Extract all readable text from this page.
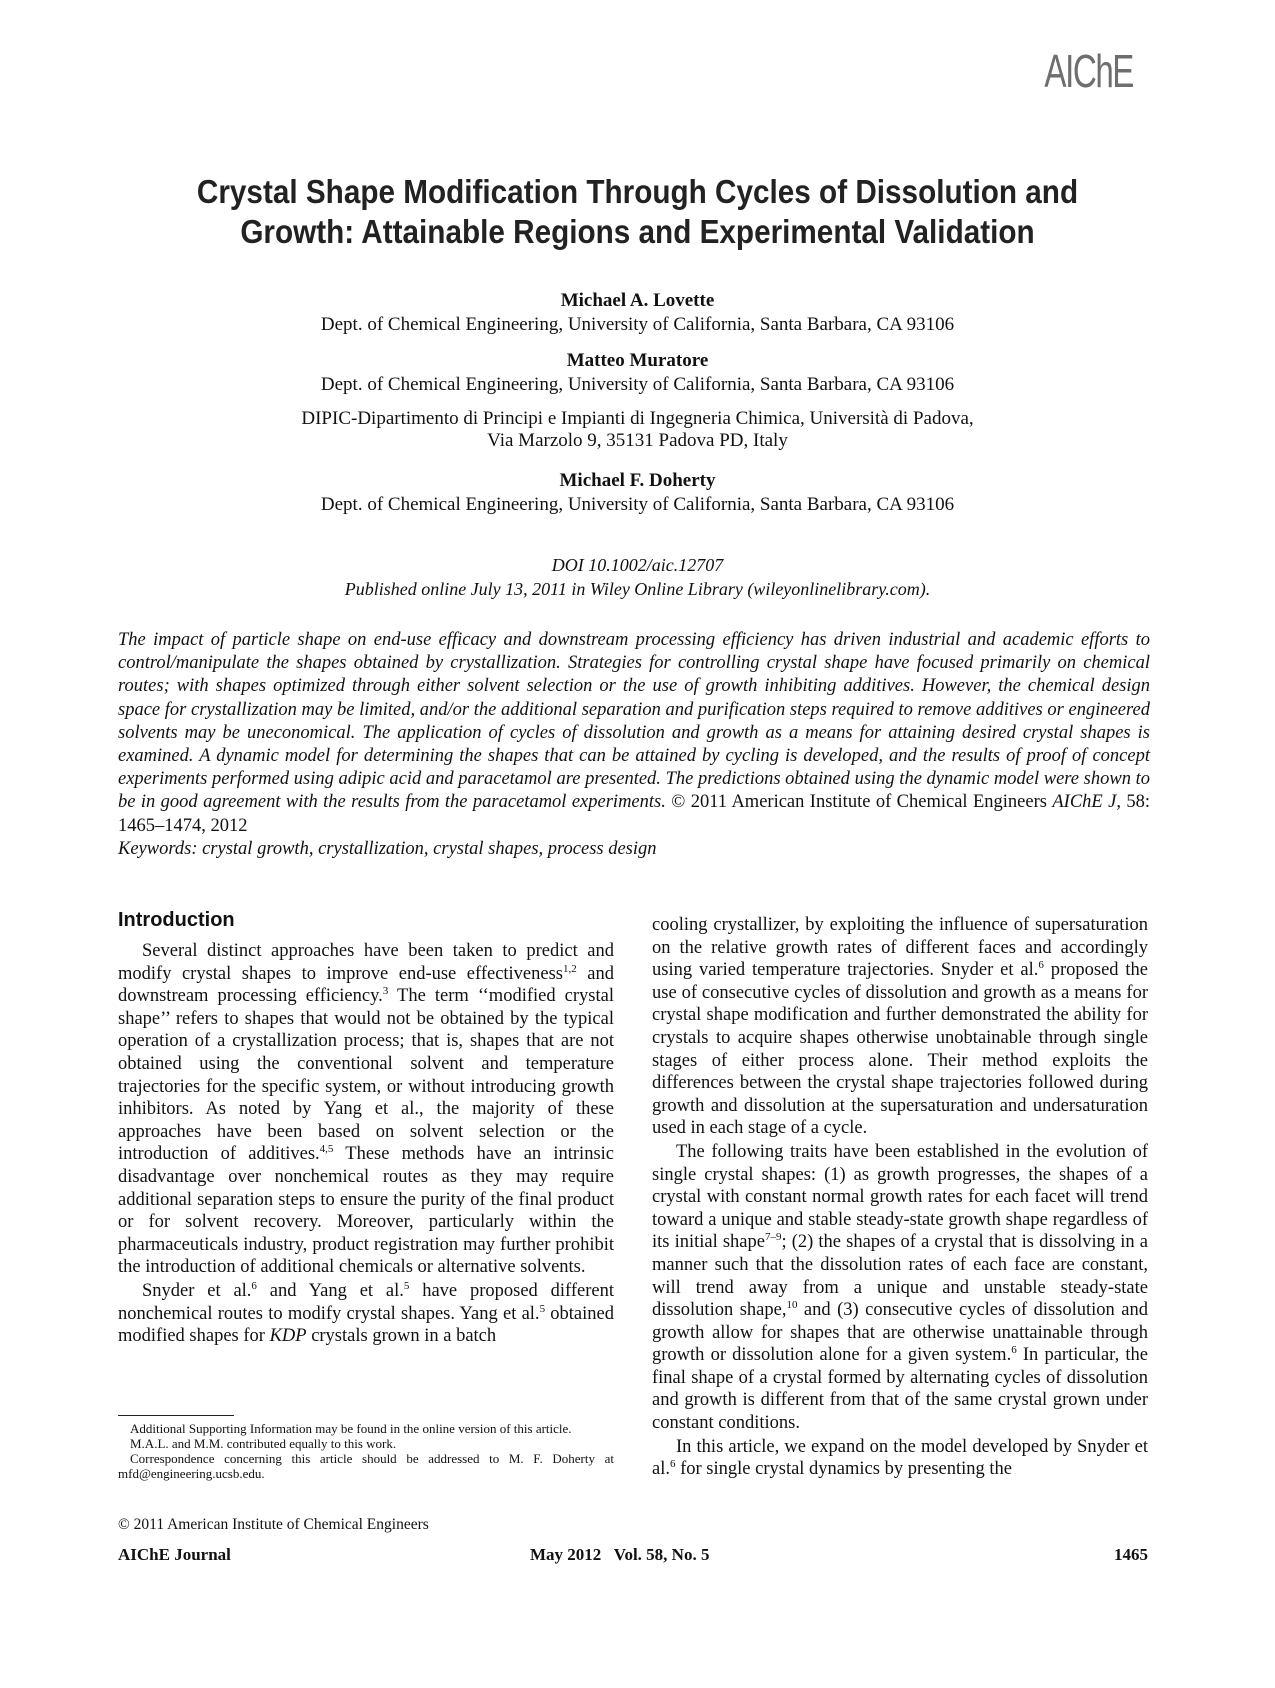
AIChE
Crystal Shape Modification Through Cycles of Dissolution and
Growth: Attainable Regions and Experimental Validation
Michael A. Lovette
Dept. of Chemical Engineering, University of California, Santa Barbara, CA 93106
Matteo Muratore
Dept. of Chemical Engineering, University of California, Santa Barbara, CA 93106
DIPIC-Dipartimento di Principi e Impianti di Ingegneria Chimica, Università di Padova, Via Marzolo 9, 35131 Padova PD, Italy
Michael F. Doherty
Dept. of Chemical Engineering, University of California, Santa Barbara, CA 93106
DOI 10.1002/aic.12707
Published online July 13, 2011 in Wiley Online Library (wileyonlinelibrary.com).
The impact of particle shape on end-use efficacy and downstream processing efficiency has driven industrial and academic efforts to control/manipulate the shapes obtained by crystallization. Strategies for controlling crystal shape have focused primarily on chemical routes; with shapes optimized through either solvent selection or the use of growth inhibiting additives. However, the chemical design space for crystallization may be limited, and/or the additional separation and purification steps required to remove additives or engineered solvents may be uneconomical. The application of cycles of dissolution and growth as a means for attaining desired crystal shapes is examined. A dynamic model for determining the shapes that can be attained by cycling is developed, and the results of proof of concept experiments performed using adipic acid and paracetamol are presented. The predictions obtained using the dynamic model were shown to be in good agreement with the results from the paracetamol experiments. © 2011 American Institute of Chemical Engineers AIChE J, 58: 1465–1474, 2012
Keywords: crystal growth, crystallization, crystal shapes, process design
Introduction

Several distinct approaches have been taken to predict and modify crystal shapes to improve end-use effectiveness$^{1,2}$ and downstream processing efficiency.$^3$ The term ‘‘modified crystal shape’’ refers to shapes that would not be obtained by the typical operation of a crystallization process; that is, shapes that are not obtained using the conventional solvent and temperature trajectories for the specific system, or without introducing growth inhibitors. As noted by Yang et al., the majority of these approaches have been based on solvent selection or the introduction of additives.$^{4,5}$ These methods have an intrinsic disadvantage over nonchemical routes as they may require additional separation steps to ensure the purity of the final product or for solvent recovery. Moreover, particularly within the pharmaceuticals industry, product registration may further prohibit the introduction of additional chemicals or alternative solvents.

Snyder et al.$^6$ and Yang et al.$^5$ have proposed different nonchemical routes to modify crystal shapes. Yang et al.$^5$ obtained modified shapes for KDP crystals grown in a batch

cooling crystallizer, by exploiting the influence of supersaturation on the relative growth rates of different faces and accordingly using varied temperature trajectories. Snyder et al.$^6$ proposed the use of consecutive cycles of dissolution and growth as a means for crystal shape modification and further demonstrated the ability for crystals to acquire shapes otherwise unobtainable through single stages of either process alone. Their method exploits the differences between the crystal shape trajectories followed during growth and dissolution at the supersaturation and undersaturation used in each stage of a cycle.

The following traits have been established in the evolution of single crystal shapes: (1) as growth progresses, the shapes of a crystal with constant normal growth rates for each facet will trend toward a unique and stable steady-state growth shape regardless of its initial shape$^{7-9}$; (2) the shapes of a crystal that is dissolving in a manner such that the dissolution rates of each face are constant, will trend away from a unique and unstable steady-state dissolution shape,$^{10}$ and (3) consecutive cycles of dissolution and growth allow for shapes that are otherwise unattainable through growth or dissolution alone for a given system.$^6$ In particular, the final shape of a crystal formed by alternating cycles of dissolution and growth is different from that of the same crystal grown under constant conditions.

In this article, we expand on the model developed by Snyder et al.$^6$ for single crystal dynamics by presenting the

Additional Supporting Information may be found in the online version of this article.
M.A.L. and M.M. contributed equally to this work.
Correspondence concerning this article should be addressed to M. F. Doherty at mfd@engineering.ucsb.edu.
© 2011 American Institute of Chemical Engineers
AIChE Journal	May 2012   Vol. 58, No. 5	1465
